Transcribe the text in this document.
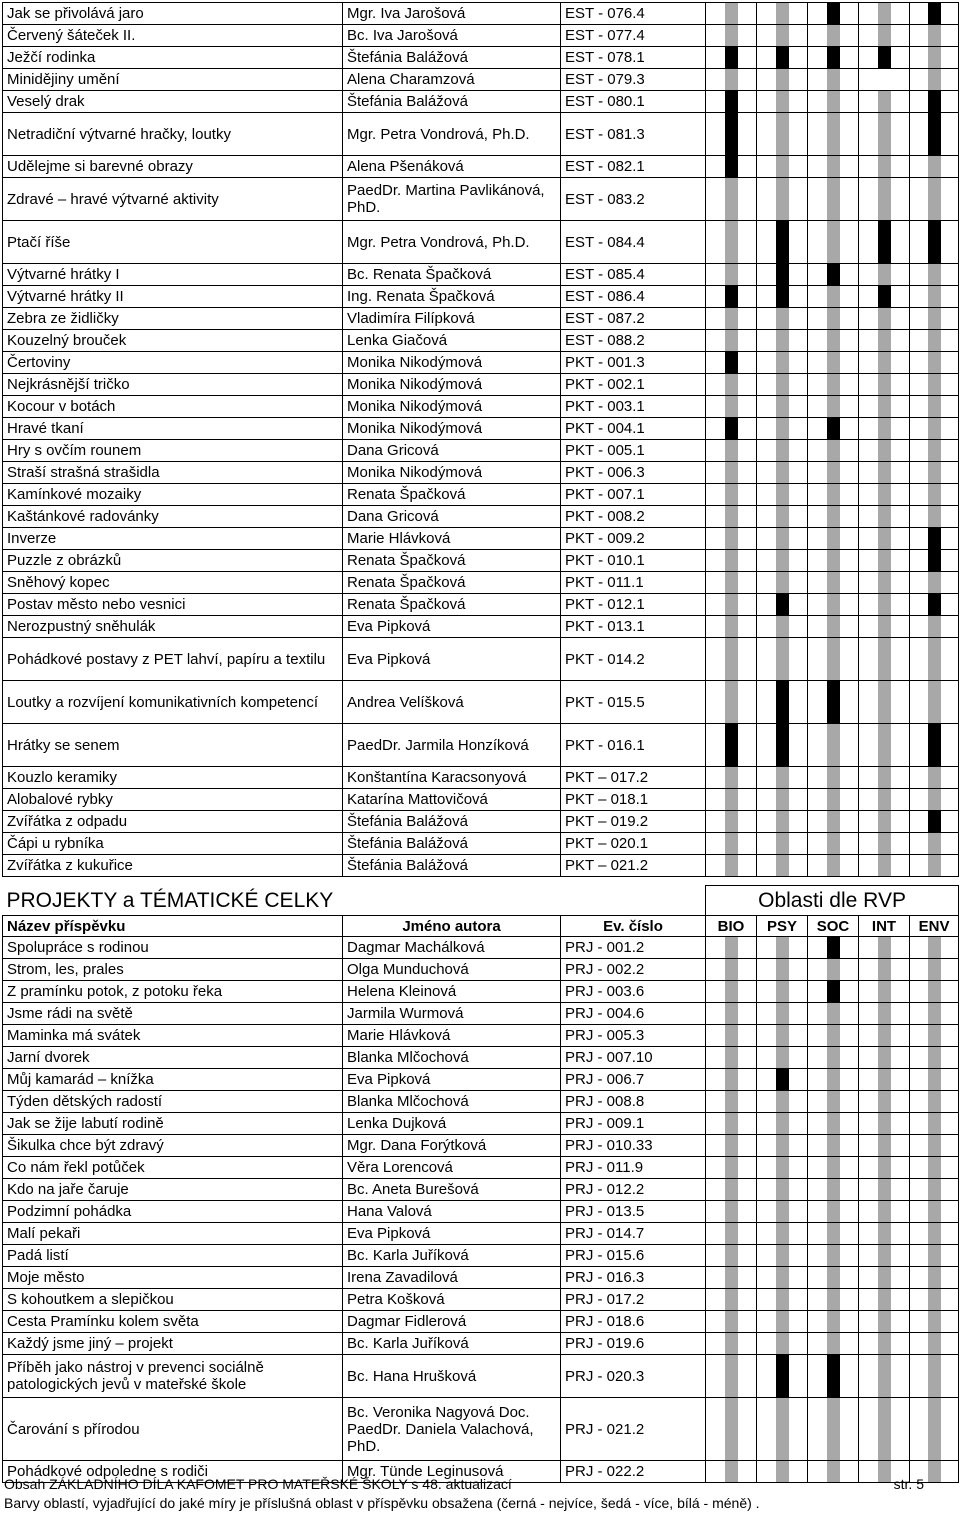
Jak se přivolává jaro	Mgr. Iva Jarošová	EST - 076.4	

Červený šáteček II.	Bc. Iva Jarošová	EST - 077.4	

Ježčí rodinka	Štefánia Balážová	EST - 078.1	

Minidějiny umění	Alena Charamzová	EST - 079.3	

Veselý drak	Štefánia Balážová	EST - 080.1	

Netradiční výtvarné hračky, loutky	Mgr. Petra Vondrová, Ph.D.	EST - 081.3	

Udělejme si barevné obrazy	Alena Pšenáková	EST - 082.1	

Zdravé – hravé výtvarné aktivity	PaedDr. Martina Pavlikánová, PhD.	EST - 083.2	

Ptačí říše	Mgr. Petra Vondrová, Ph.D.	EST - 084.4	

Výtvarné hrátky I	Bc. Renata Špačková	EST - 085.4	

Výtvarné hrátky II	Ing. Renata Špačková	EST - 086.4	

Zebra ze židličky	Vladimíra Filípková	EST - 087.2	

Kouzelný brouček	Lenka Giačová	EST - 088.2	

Čertoviny	Monika Nikodýmová	PKT - 001.3	

Nejkrásnější tričko	Monika Nikodýmová	PKT - 002.1	

Kocour v botách	Monika Nikodýmová	PKT - 003.1	

Hravé tkaní	Monika Nikodýmová	PKT - 004.1	

Hry s ovčím rounem	Dana Gricová	PKT - 005.1	

Straší strašná strašidla	Monika Nikodýmová	PKT - 006.3	

Kamínkové mozaiky	Renata Špačková	PKT - 007.1	

Kaštánkové radovánky	Dana Gricová	PKT - 008.2	

Inverze	Marie Hlávková	PKT - 009.2	

Puzzle z obrázků	Renata Špačková	PKT - 010.1	

Sněhový kopec	Renata Špačková	PKT - 011.1	

Postav město nebo vesnici	Renata Špačková	PKT - 012.1	

Nerozpustný sněhulák	Eva Pipková	PKT - 013.1	

Pohádkové postavy z PET lahví, papíru a textilu	Eva Pipková	PKT - 014.2	

Loutky a rozvíjení komunikativních kompetencí	Andrea Velíšková	PKT - 015.5	

Hrátky se senem	PaedDr. Jarmila Honzíková	PKT - 016.1	

Kouzlo keramiky	Konštantína Karacsonyová	PKT – 017.2	

Alobalové rybky	Katarína Mattovičová	PKT – 018.1	

Zvířátka z odpadu	Štefánia Balážová	PKT – 019.2	

Čápi u rybníka	Štefánia Balážová	PKT – 020.1	

Zvířátka z kukuřice	Štefánia Balážová	PKT – 021.2	

PROJEKTY a TÉMATICKÉ CELKY			Oblasti dle RVP				
Název příspěvku	Jméno autora	Ev. číslo	BIO	PSY	SOC	INT	ENV
Spolupráce s rodinou	Dagmar Machálková	PRJ - 001.2	

Strom, les, prales	Olga Munduchová	PRJ - 002.2	

Z pramínku potok, z potoku řeka	Helena Kleinová	PRJ - 003.6	

Jsme rádi na světě	Jarmila Wurmová	PRJ - 004.6	

Maminka má svátek	Marie Hlávková	PRJ - 005.3	

Jarní dvorek	Blanka Mlčochová	PRJ - 007.10	

Můj kamarád – knížka	Eva Pipková	PRJ - 006.7	

Týden dětských radostí	Blanka Mlčochová	PRJ - 008.8	

Jak se žije labutí rodině	Lenka Dujková	PRJ - 009.1	

Šikulka chce být zdravý	Mgr. Dana Forýtková	PRJ - 010.33	

Co nám řekl potůček	Věra Lorencová	PRJ - 011.9	

Kdo na jaře čaruje	Bc. Aneta Burešová	PRJ - 012.2	

Podzimní pohádka	Hana Valová	PRJ - 013.5	

Malí pekaři	Eva Pipková	PRJ - 014.7	

Padá listí	Bc. Karla Juříková	PRJ - 015.6	

Moje město	Irena Zavadilová	PRJ - 016.3	

S kohoutkem a slepičkou	Petra Košková	PRJ - 017.2	

Cesta Pramínku kolem světa	Dagmar Fidlerová	PRJ - 018.6	

Každý jsme jiný – projekt	Bc. Karla Juříková	PRJ - 019.6	

Příběh jako nástroj v prevenci sociálně patologických jevů v mateřské škole	Bc. Hana Hrušková	PRJ - 020.3	

Čarování s přírodou	Bc. Veronika Nagyová Doc. PaedDr. Daniela Valachová, PhD.	PRJ - 021.2	

Pohádkové odpoledne s rodiči	Mgr. Tünde Leginusová	PRJ - 022.2	

Obsah ZÁKLADNÍHO DÍLA KAFOMET PRO MATEŘSKÉ ŠKOLY s 48. aktualizací	str. 5
Barvy oblastí, vyjadřující do jaké míry je příslušná oblast v příspěvku obsažena (černá - nejvíce, šedá - více, bílá - méně) .
